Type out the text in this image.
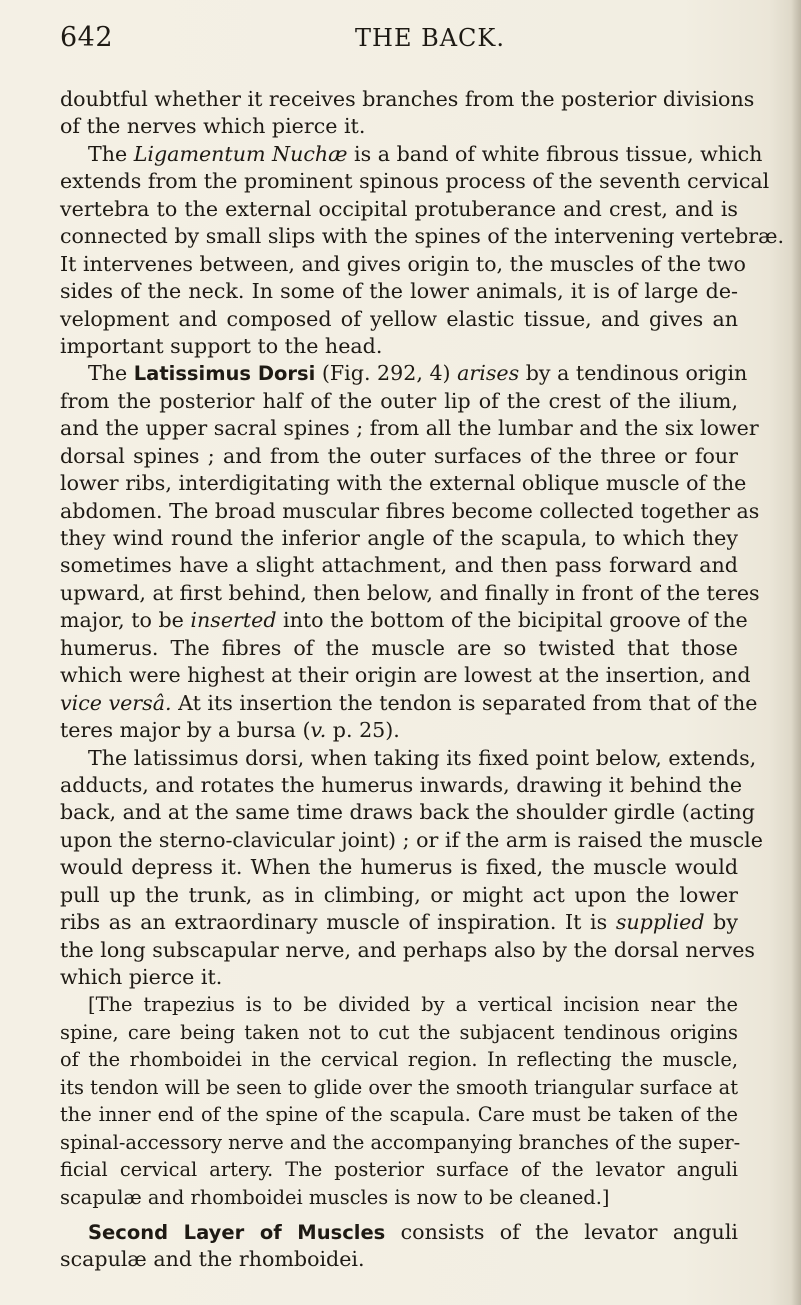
642	THE BACK.
doubtful whether it receives branches from the posterior divisions
of the nerves which pierce it.
The Ligamentum Nuchæ is a band of white fibrous tissue, which
extends from the prominent spinous process of the seventh cervical
vertebra to the external occipital protuberance and crest, and is
connected by small slips with the spines of the intervening vertebræ.
It intervenes between, and gives origin to, the muscles of the two
sides of the neck. In some of the lower animals, it is of large de-
velopment and composed of yellow elastic tissue, and gives an
important support to the head.
The Latissimus Dorsi (Fig. 292, 4) arises by a tendinous origin
from the posterior half of the outer lip of the crest of the ilium,
and the upper sacral spines ; from all the lumbar and the six lower
dorsal spines ; and from the outer surfaces of the three or four
lower ribs, interdigitating with the external oblique muscle of the
abdomen. The broad muscular fibres become collected together as
they wind round the inferior angle of the scapula, to which they
sometimes have a slight attachment, and then pass forward and
upward, at first behind, then below, and finally in front of the teres
major, to be inserted into the bottom of the bicipital groove of the
humerus. The fibres of the muscle are so twisted that those
which were highest at their origin are lowest at the insertion, and
vice versâ. At its insertion the tendon is separated from that of the
teres major by a bursa (v. p. 25).
The latissimus dorsi, when taking its fixed point below, extends,
adducts, and rotates the humerus inwards, drawing it behind the
back, and at the same time draws back the shoulder girdle (acting
upon the sterno-clavicular joint) ; or if the arm is raised the muscle
would depress it. When the humerus is fixed, the muscle would
pull up the trunk, as in climbing, or might act upon the lower
ribs as an extraordinary muscle of inspiration. It is supplied by
the long subscapular nerve, and perhaps also by the dorsal nerves
which pierce it.
[The trapezius is to be divided by a vertical incision near the
spine, care being taken not to cut the subjacent tendinous origins
of the rhomboidei in the cervical region. In reflecting the muscle,
its tendon will be seen to glide over the smooth triangular surface at
the inner end of the spine of the scapula. Care must be taken of the
spinal-accessory nerve and the accompanying branches of the super-
ficial cervical artery. The posterior surface of the levator anguli
scapulæ and rhomboidei muscles is now to be cleaned.]
Second Layer of Muscles consists of the levator anguli
scapulæ and the rhomboidei.
